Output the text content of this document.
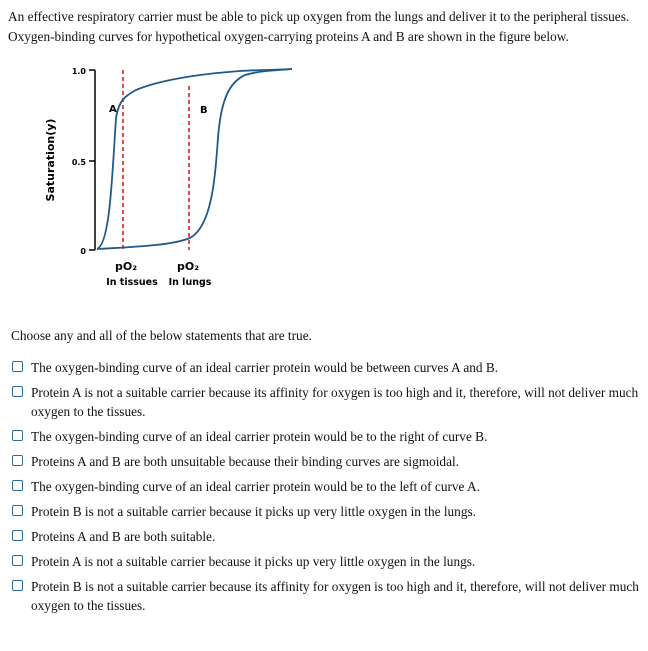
An effective respiratory carrier must be able to pick up oxygen from the lungs and deliver it to the peripheral tissues.

Oxygen-binding curves for hypothetical oxygen-carrying proteins A and B are shown in the figure below.

1.0
0.5
0
Saturation(y)
A	B
pO₂	pO₂
In tissues In lungs
Choose any and all of the below statements that are true.
The oxygen-binding curve of an ideal carrier protein would be between curves A and B.
Protein A is not a suitable carrier because its affinity for oxygen is too high and it, therefore, will not deliver much oxygen to the tissues.
The oxygen-binding curve of an ideal carrier protein would be to the right of curve B.
Proteins A and B are both unsuitable because their binding curves are sigmoidal.
The oxygen-binding curve of an ideal carrier protein would be to the left of curve A.
Protein B is not a suitable carrier because it picks up very little oxygen in the lungs.
Proteins A and B are both suitable.
Protein A is not a suitable carrier because it picks up very little oxygen in the lungs.
Protein B is not a suitable carrier because its affinity for oxygen is too high and it, therefore, will not deliver much oxygen to the tissues.
